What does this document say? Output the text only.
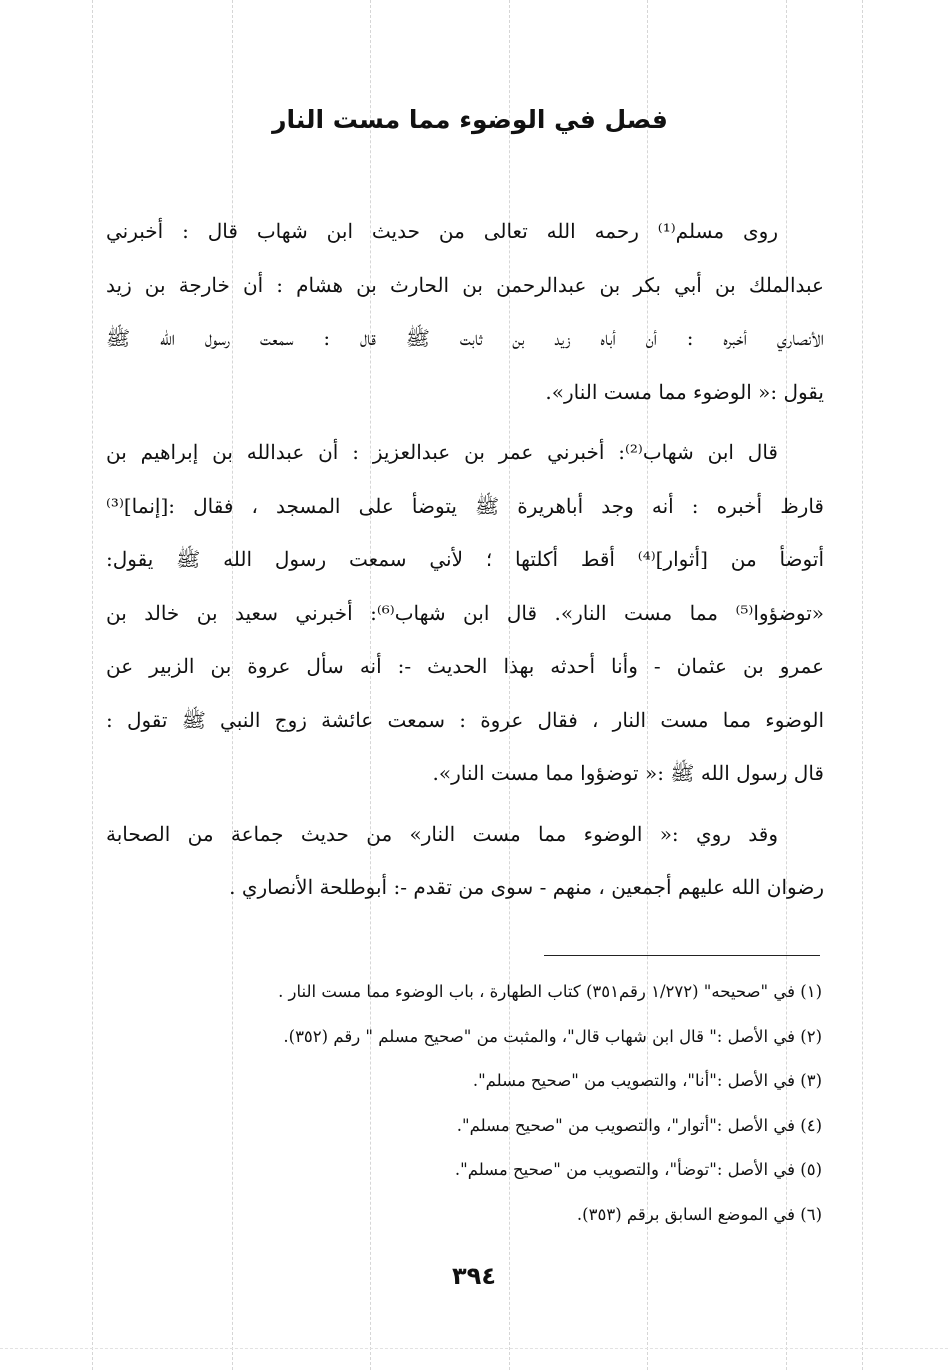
فصل في الوضوء مما مست النار
روى مسلم⁽¹⁾ رحمه الله تعالى من حديث ابن شهاب قال : أخبرني
عبدالملك بن أبي بكر بن عبدالرحمن بن الحارث بن هشام : أن خارجة بن زيد
الأنصاري أخبره : أن أباه زيد بن ثابت ﷺ قال : سمعت رسول الله ﷺ
يقول :« الوضوء مما مست النار».
قال ابن شهاب⁽²⁾: أخبرني عمر بن عبدالعزيز : أن عبدالله بن إبراهيم بن
قارظ أخبره : أنه وجد أباهريرة ﷺ يتوضأ على المسجد ، فقال :[إنما]⁽³⁾
أتوضأ من [أثوار]⁽⁴⁾ أقط أكلتها ؛ لأني سمعت رسول الله ﷺ يقول:
«توضؤوا⁽⁵⁾ مما مست النار». قال ابن شهاب⁽⁶⁾: أخبرني سعيد بن خالد بن
عمرو بن عثمان - وأنا أحدثه بهذا الحديث -: أنه سأل عروة بن الزبير عن
الوضوء مما مست النار ، فقال عروة : سمعت عائشة زوج النبي ﷺ تقول :
قال رسول الله ﷺ :« توضؤوا مما مست النار».
وقد روي :« الوضوء مما مست النار» من حديث جماعة من الصحابة
رضوان الله عليهم أجمعين ، منهم - سوى من تقدم -: أبوطلحة الأنصاري .
(١) في "صحيحه" (١/٢٧٢ رقم٣٥١) كتاب الطهارة ، باب الوضوء مما مست النار .
(٢) في الأصل :" قال ابن شهاب قال"، والمثبت من "صحيح مسلم " رقم (٣٥٢).
(٣) في الأصل :"أنا"، والتصويب من "صحيح مسلم".
(٤) في الأصل :"أتوار"، والتصويب من "صحيح مسلم".
(٥) في الأصل :"توضأ"، والتصويب من "صحيح مسلم".
(٦) في الموضع السابق برقم (٣٥٣).
٣٩٤
